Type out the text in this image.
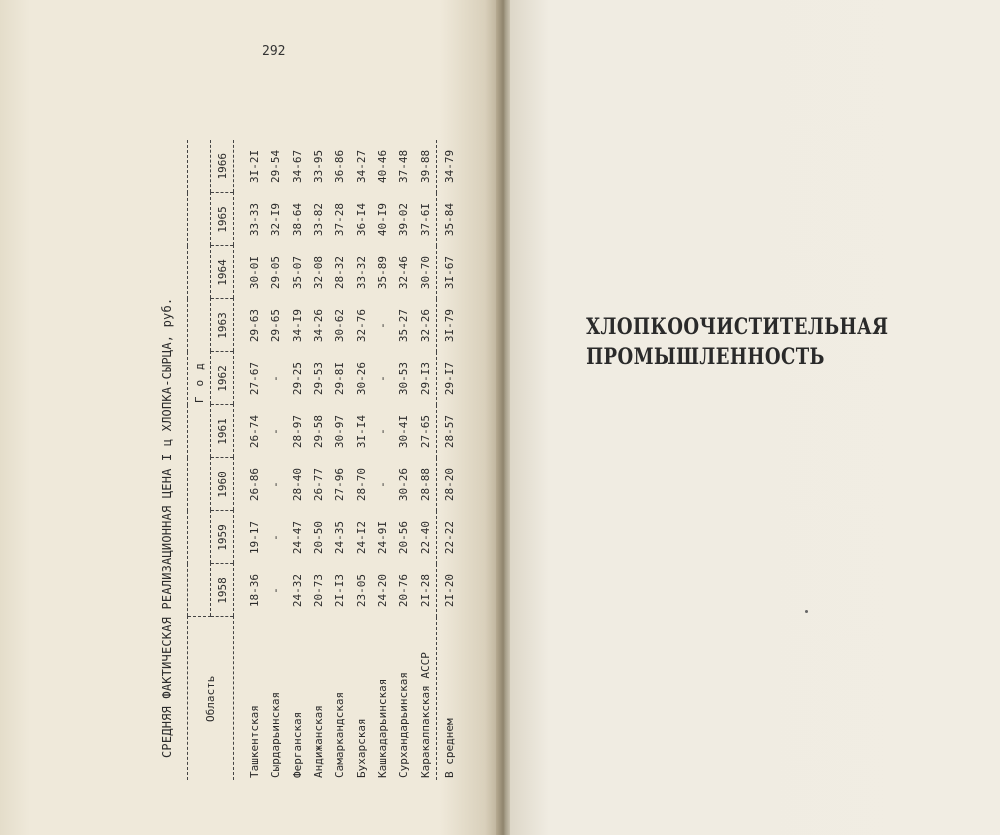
292
СРЕДНЯЯ ФАКТИЧЕСКАЯ РЕАЛИЗАЦИОННАЯ ЦЕНА I ц ХЛОПКА-СЫРЦА, руб.	Область	Год								
	1958	1959	1960	1961	1962	1963	1964	1965	1966
Ташкентская	18-36	19-17	26-86	26-74	27-67	29-63	30-0I	33-33	3I-2I
Сырдарьинская	-	-	-	-	-	29-65	29-05	32-I9	29-54
Ферганская	24-32	24-47	28-40	28-97	29-25	34-I9	35-07	38-64	34-67
Андижанская	20-73	20-50	26-77	29-58	29-53	34-26	32-08	33-82	33-95
Самаркандская	2I-I3	24-35	27-96	30-97	29-8I	30-62	28-32	37-28	36-86
Бухарская	23-05	24-I2	28-70	3I-I4	30-26	32-76	33-32	36-I4	34-27
Кашкадарьинская	24-20	24-9I	-	-	-	-	35-89	40-I9	40-46
Сурхандарьинская	20-76	20-56	30-26	30-4I	30-53	35-27	32-46	39-02	37-48
Каракалпакская АССР	2I-28	22-40	28-88	27-65	29-I3	32-26	30-70	37-6I	39-88
В среднем	2I-20	22-22	28-20	28-57	29-I7	3I-79	3I-67	35-84	34-79
ХЛОПКООЧИСТИТЕЛЬНАЯ
ПРОМЫШЛЕННОСТЬ
